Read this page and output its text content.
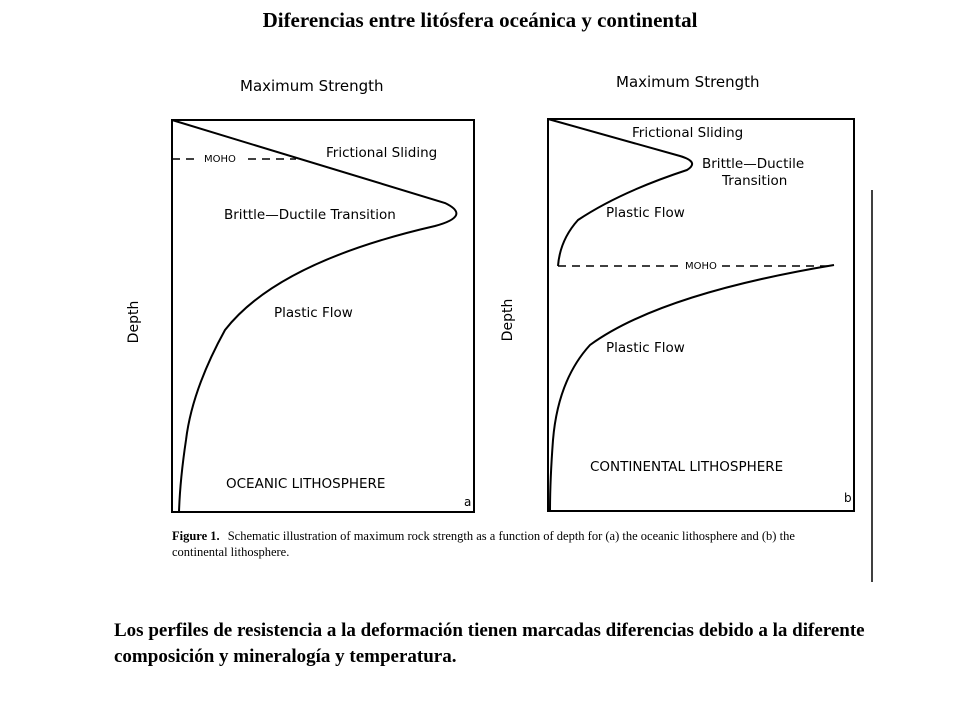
Diferencias entre litósfera oceánica y continental
Maximum Strength
Depth
MOHO	Frictional Sliding
Brittle—Ductile Transition
Plastic Flow
OCEANIC LITHOSPHERE
a
Maximum Strength
Depth
MOHO
Frictional Sliding
Brittle—Ductile
Transition
Plastic Flow
Plastic Flow
CONTINENTAL LITHOSPHERE
b
Figure 1. Schematic illustration of maximum rock strength as a function of depth for (a) the oceanic lithosphere and (b) the continental lithosphere.
Los perfiles de resistencia a la deformación tienen marcadas diferencias debido a la diferente composición y mineralogía y temperatura.
